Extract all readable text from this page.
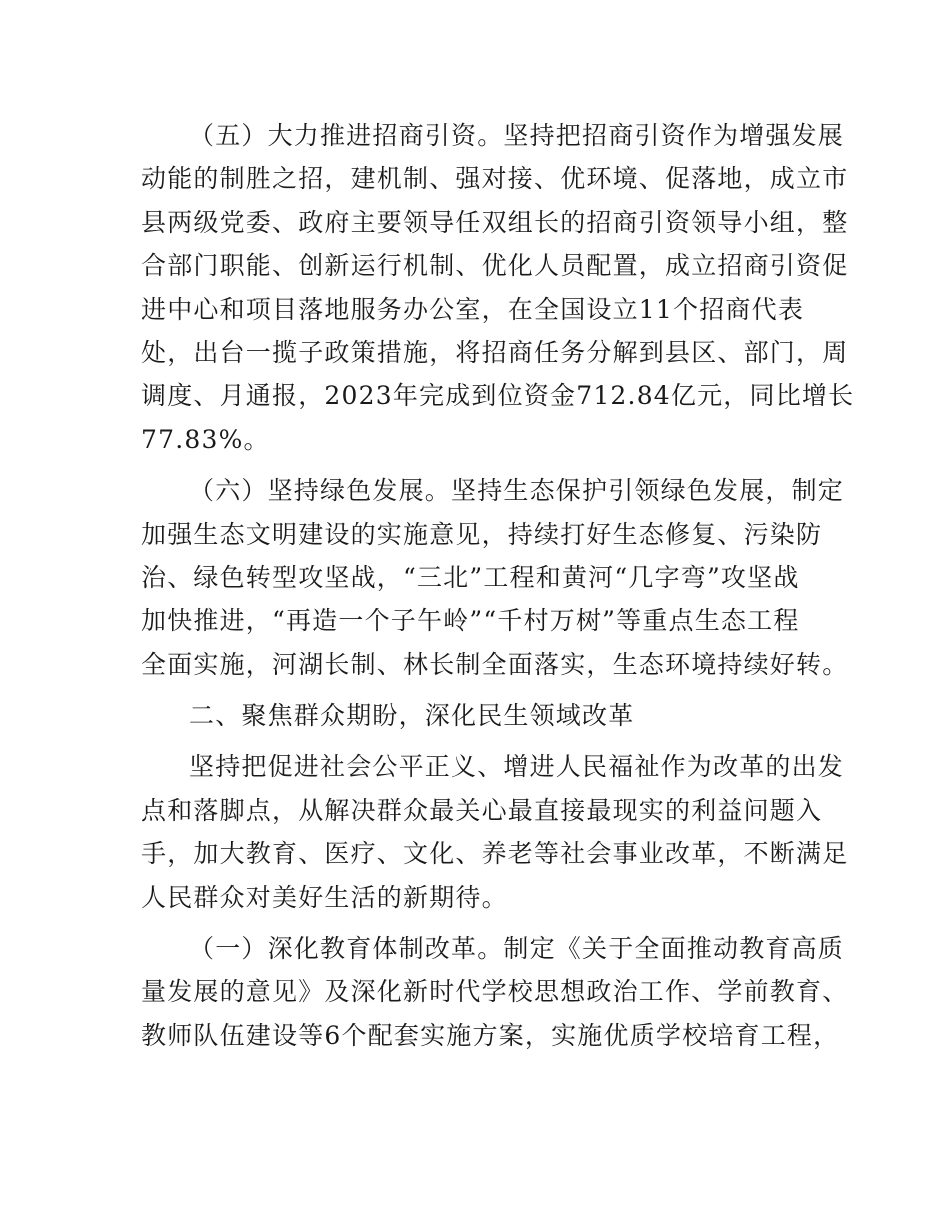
（五）大力推进招商引资。坚持把招商引资作为增强发展
动能的制胜之招，建机制、强对接、优环境、促落地，成立市
县两级党委、政府主要领导任双组长的招商引资领导小组，整
合部门职能、创新运行机制、优化人员配置，成立招商引资促
进中心和项目落地服务办公室，在全国设立11个招商代表
处，出台一揽子政策措施，将招商任务分解到县区、部门，周
调度、月通报，2023年完成到位资金712.84亿元，同比增长
77.83%。
（六）坚持绿色发展。坚持生态保护引领绿色发展，制定
加强生态文明建设的实施意见，持续打好生态修复、污染防
治、绿色转型攻坚战，“三北”工程和黄河“几字弯”攻坚战
加快推进，“再造一个子午岭”“千村万树”等重点生态工程
全面实施，河湖长制、林长制全面落实，生态环境持续好转。
二、聚焦群众期盼，深化民生领域改革
坚持把促进社会公平正义、增进人民福祉作为改革的出发
点和落脚点，从解决群众最关心最直接最现实的利益问题入
手，加大教育、医疗、文化、养老等社会事业改革，不断满足
人民群众对美好生活的新期待。
（一）深化教育体制改革。制定《关于全面推动教育高质
量发展的意见》及深化新时代学校思想政治工作、学前教育、
教师队伍建设等6个配套实施方案，实施优质学校培育工程，
